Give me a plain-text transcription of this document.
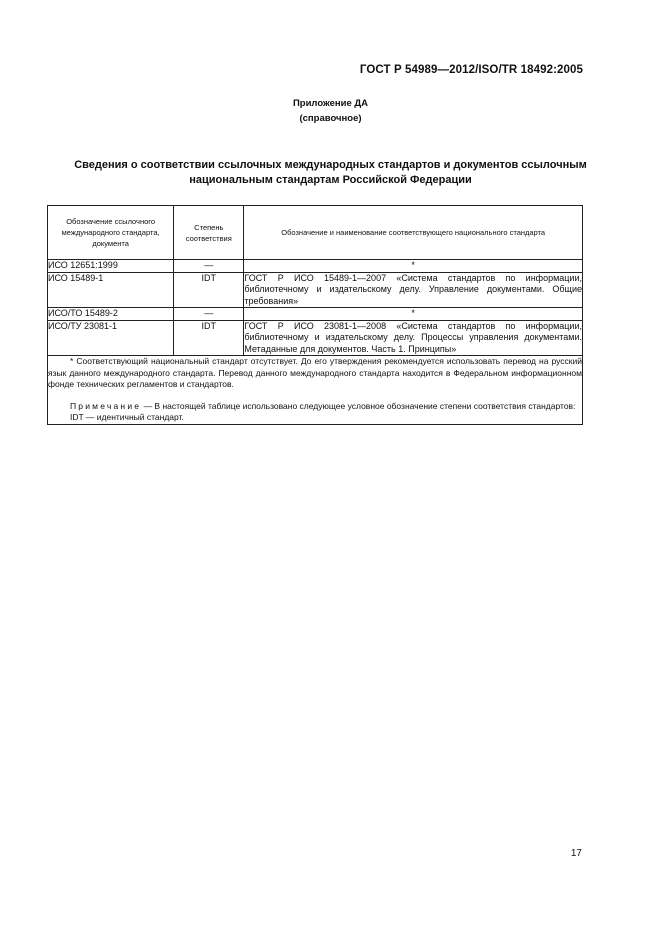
ГОСТ Р 54989—2012/ISO/TR 18492:2005
Приложение ДА
(справочное)
Сведения о соответствии ссылочных международных стандартов и документов ссылочным
национальным стандартам Российской Федерации
Обозначение ссылочного международного стандарта, документа	Степень соответствия	Обозначение и наименование соответствующего национального стандарта
ИСО 12651:1999	—	*
ИСО 15489-1	IDT	ГОСТ Р ИСО 15489-1—2007 «Система стандартов по информации, библиотечному и издательскому делу. Управление документами. Общие требования»
ИСО/ТО 15489-2	—	*
ИСО/ТУ 23081-1	IDT	ГОСТ Р ИСО 23081-1—2008 «Система стандартов по информации, библиотечному и издательскому делу. Процессы управления документами. Метаданные для документов. Часть 1. Принципы»

* Соответствующий национальный стандарт отсутствует. До его утверждения рекомендуется использовать перевод на русский язык данного международного стандарта. Перевод данного международного стандарта находится в Федеральном информационном фонде технических регламентов и стандартов.

Примечание — В настоящей таблице использовано следующее условное обозначение степени соответствия стандартов:

IDT — идентичный стандарт.		

17
